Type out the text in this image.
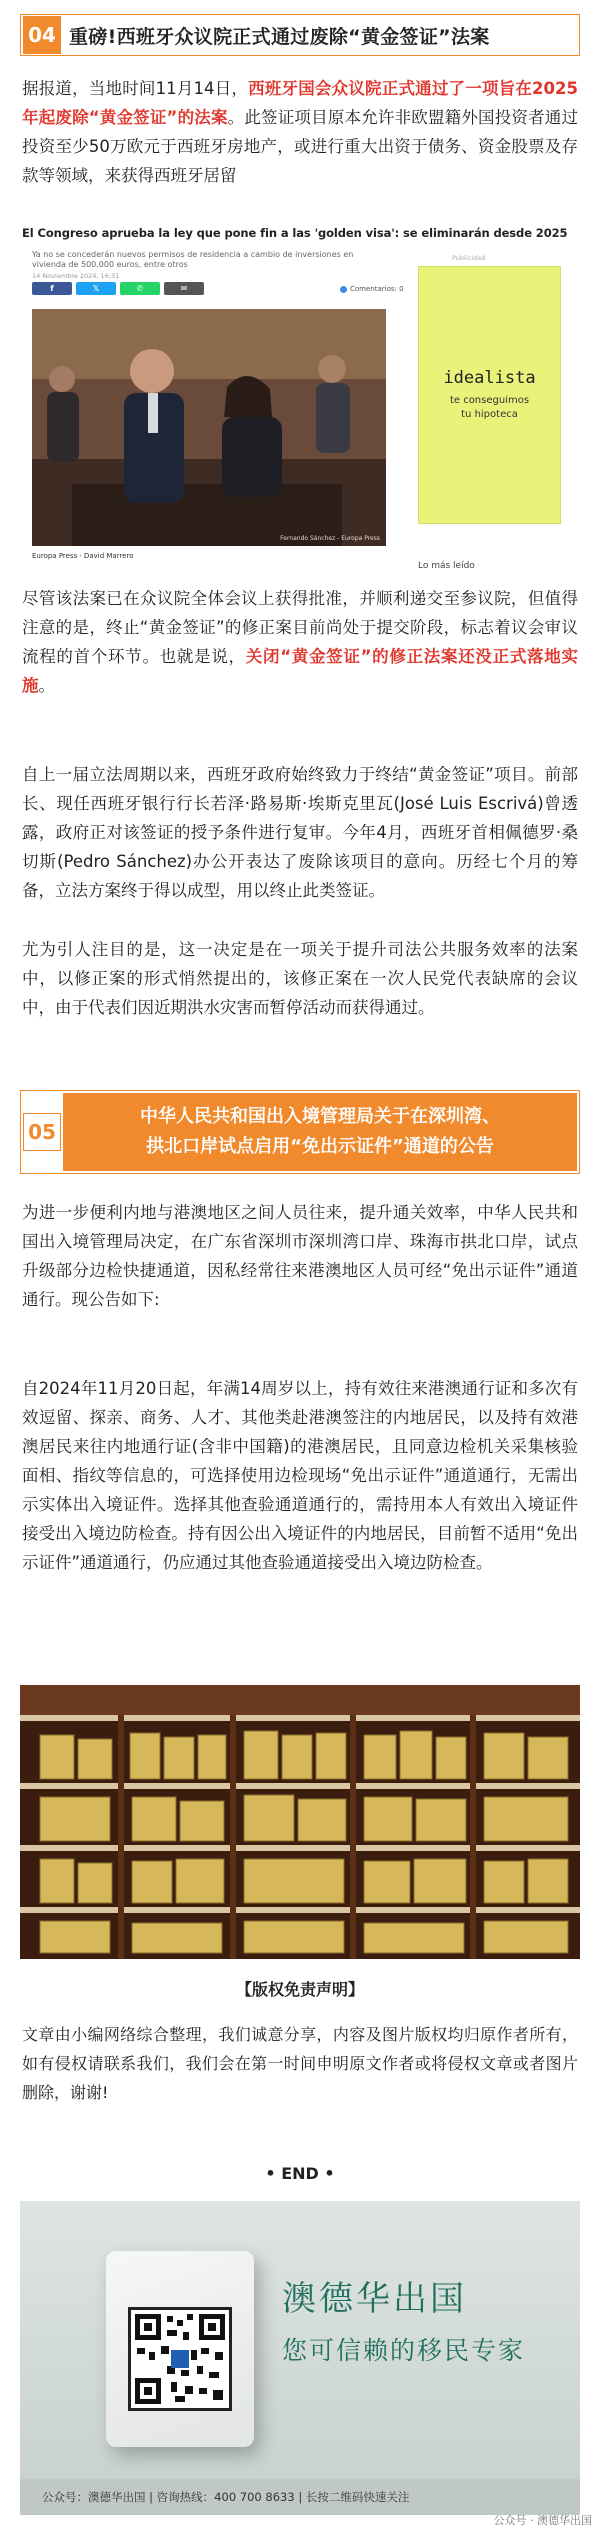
04 重磅!西班牙众议院正式通过废除“黄金签证”法案

据报道，当地时间11月14日，西班牙国会众议院正式通过了一项旨在2025年起废除“黄金签证”的法案。此签证项目原本允许非欧盟籍外国投资者通过投资至少50万欧元于西班牙房地产，或进行重大出资于债务、资金股票及存款等领域，来获得西班牙居留

El Congreso aprueba la ley que pone fin a las 'golden visa': se eliminarán desde 2025
Ya no se concederán nuevos permisos de residencia a cambio de inversiones en vivienda de 500.000 euros, entre otros
14 Noviembre 2024, 16:31
f	𝕏	✆	✉	Comentarios: 0
Fernando Sánchez - Europa Press
Europa Press · David Marrero
Publicidad
idealista
te conseguimos
tu hipoteca
Lo más leído

尽管该法案已在众议院全体会议上获得批准，并顺利递交至参议院，但值得注意的是，终止“黄金签证”的修正案目前尚处于提交阶段，标志着议会审议流程的首个环节。也就是说，关闭“黄金签证”的修正法案还没正式落地实施。

自上一届立法周期以来，西班牙政府始终致力于终结“黄金签证”项目。前部长、现任西班牙银行行长若泽·路易斯·埃斯克里瓦(José Luis Escrivá)曾透露，政府正对该签证的授予条件进行复审。今年4月，西班牙首相佩德罗·桑切斯(Pedro Sánchez)办公开表达了废除该项目的意向。历经七个月的筹备，立法方案终于得以成型，用以终止此类签证。

尤为引人注目的是，这一决定是在一项关于提升司法公共服务效率的法案中，以修正案的形式悄然提出的，该修正案在一次人民党代表缺席的会议中，由于代表们因近期洪水灾害而暂停活动而获得通过。

05
中华人民共和国出入境管理局关于在深圳湾、
拱北口岸试点启用“免出示证件”通道的公告

为进一步便利内地与港澳地区之间人员往来，提升通关效率，中华人民共和国出入境管理局决定，在广东省深圳市深圳湾口岸、珠海市拱北口岸，试点升级部分边检快捷通道，因私经常往来港澳地区人员可经“免出示证件”通道通行。现公告如下:

自2024年11月20日起，年满14周岁以上，持有效往来港澳通行证和多次有效逗留、探亲、商务、人才、其他类赴港澳签注的内地居民，以及持有效港澳居民来往内地通行证(含非中国籍)的港澳居民，且同意边检机关采集核验面相、指纹等信息的，可选择使用边检现场“免出示证件”通道通行，无需出示实体出入境证件。选择其他查验通道通行的，需持用本人有效出入境证件接受出入境边防检查。持有因公出入境证件的内地居民，目前暂不适用“免出示证件”通道通行，仍应通过其他查验通道接受出入境边防检查。

【版权免责声明】

文章由小编网络综合整理，我们诚意分享，内容及图片版权均归原作者所有，如有侵权请联系我们，我们会在第一时间申明原文作者或将侵权文章或者图片删除，谢谢!

• END •
澳德华出国
您可信赖的移民专家
公众号：澳德华出国 | 咨询热线：400 700 8633 | 长按二维码快速关注
公众号 · 澳德华出国
